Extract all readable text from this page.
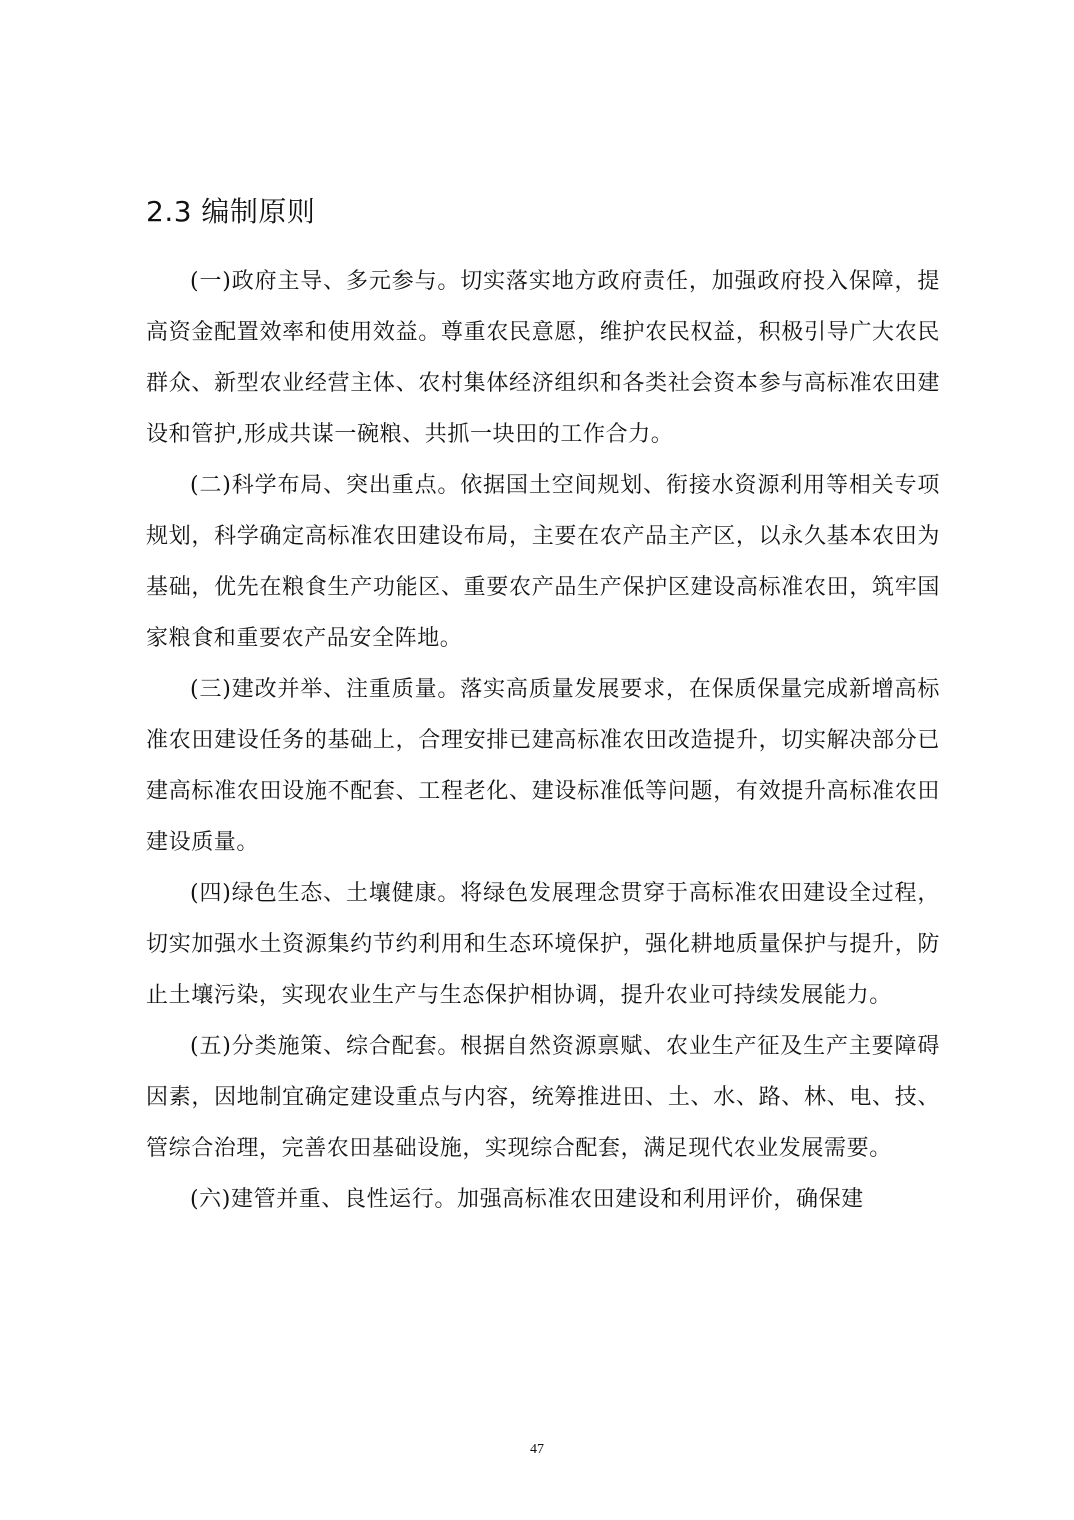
2.3 编制原则

(一)政府主导、多元参与。切实落实地方政府责任，加强政府投入保障，提高资金配置效率和使用效益。尊重农民意愿，维护农民权益，积极引导广大农民群众、新型农业经营主体、农村集体经济组织和各类社会资本参与高标准农田建设和管护,形成共谋一碗粮、共抓一块田的工作合力。

(二)科学布局、突出重点。依据国土空间规划、衔接水资源利用等相关专项规划，科学确定高标准农田建设布局，主要在农产品主产区，以永久基本农田为基础，优先在粮食生产功能区、重要农产品生产保护区建设高标准农田，筑牢国家粮食和重要农产品安全阵地。

(三)建改并举、注重质量。落实高质量发展要求，在保质保量完成新增高标准农田建设任务的基础上，合理安排已建高标准农田改造提升，切实解决部分已建高标准农田设施不配套、工程老化、建设标准低等问题，有效提升高标准农田建设质量。

(四)绿色生态、土壤健康。将绿色发展理念贯穿于高标准农田建设全过程，切实加强水土资源集约节约利用和生态环境保护，强化耕地质量保护与提升，防止土壤污染，实现农业生产与生态保护相协调，提升农业可持续发展能力。

(五)分类施策、综合配套。根据自然资源禀赋、农业生产征及生产主要障碍因素，因地制宜确定建设重点与内容，统筹推进田、土、水、路、林、电、技、管综合治理，完善农田基础设施，实现综合配套，满足现代农业发展需要。

(六)建管并重、良性运行。加强高标准农田建设和利用评价，确保建

47
